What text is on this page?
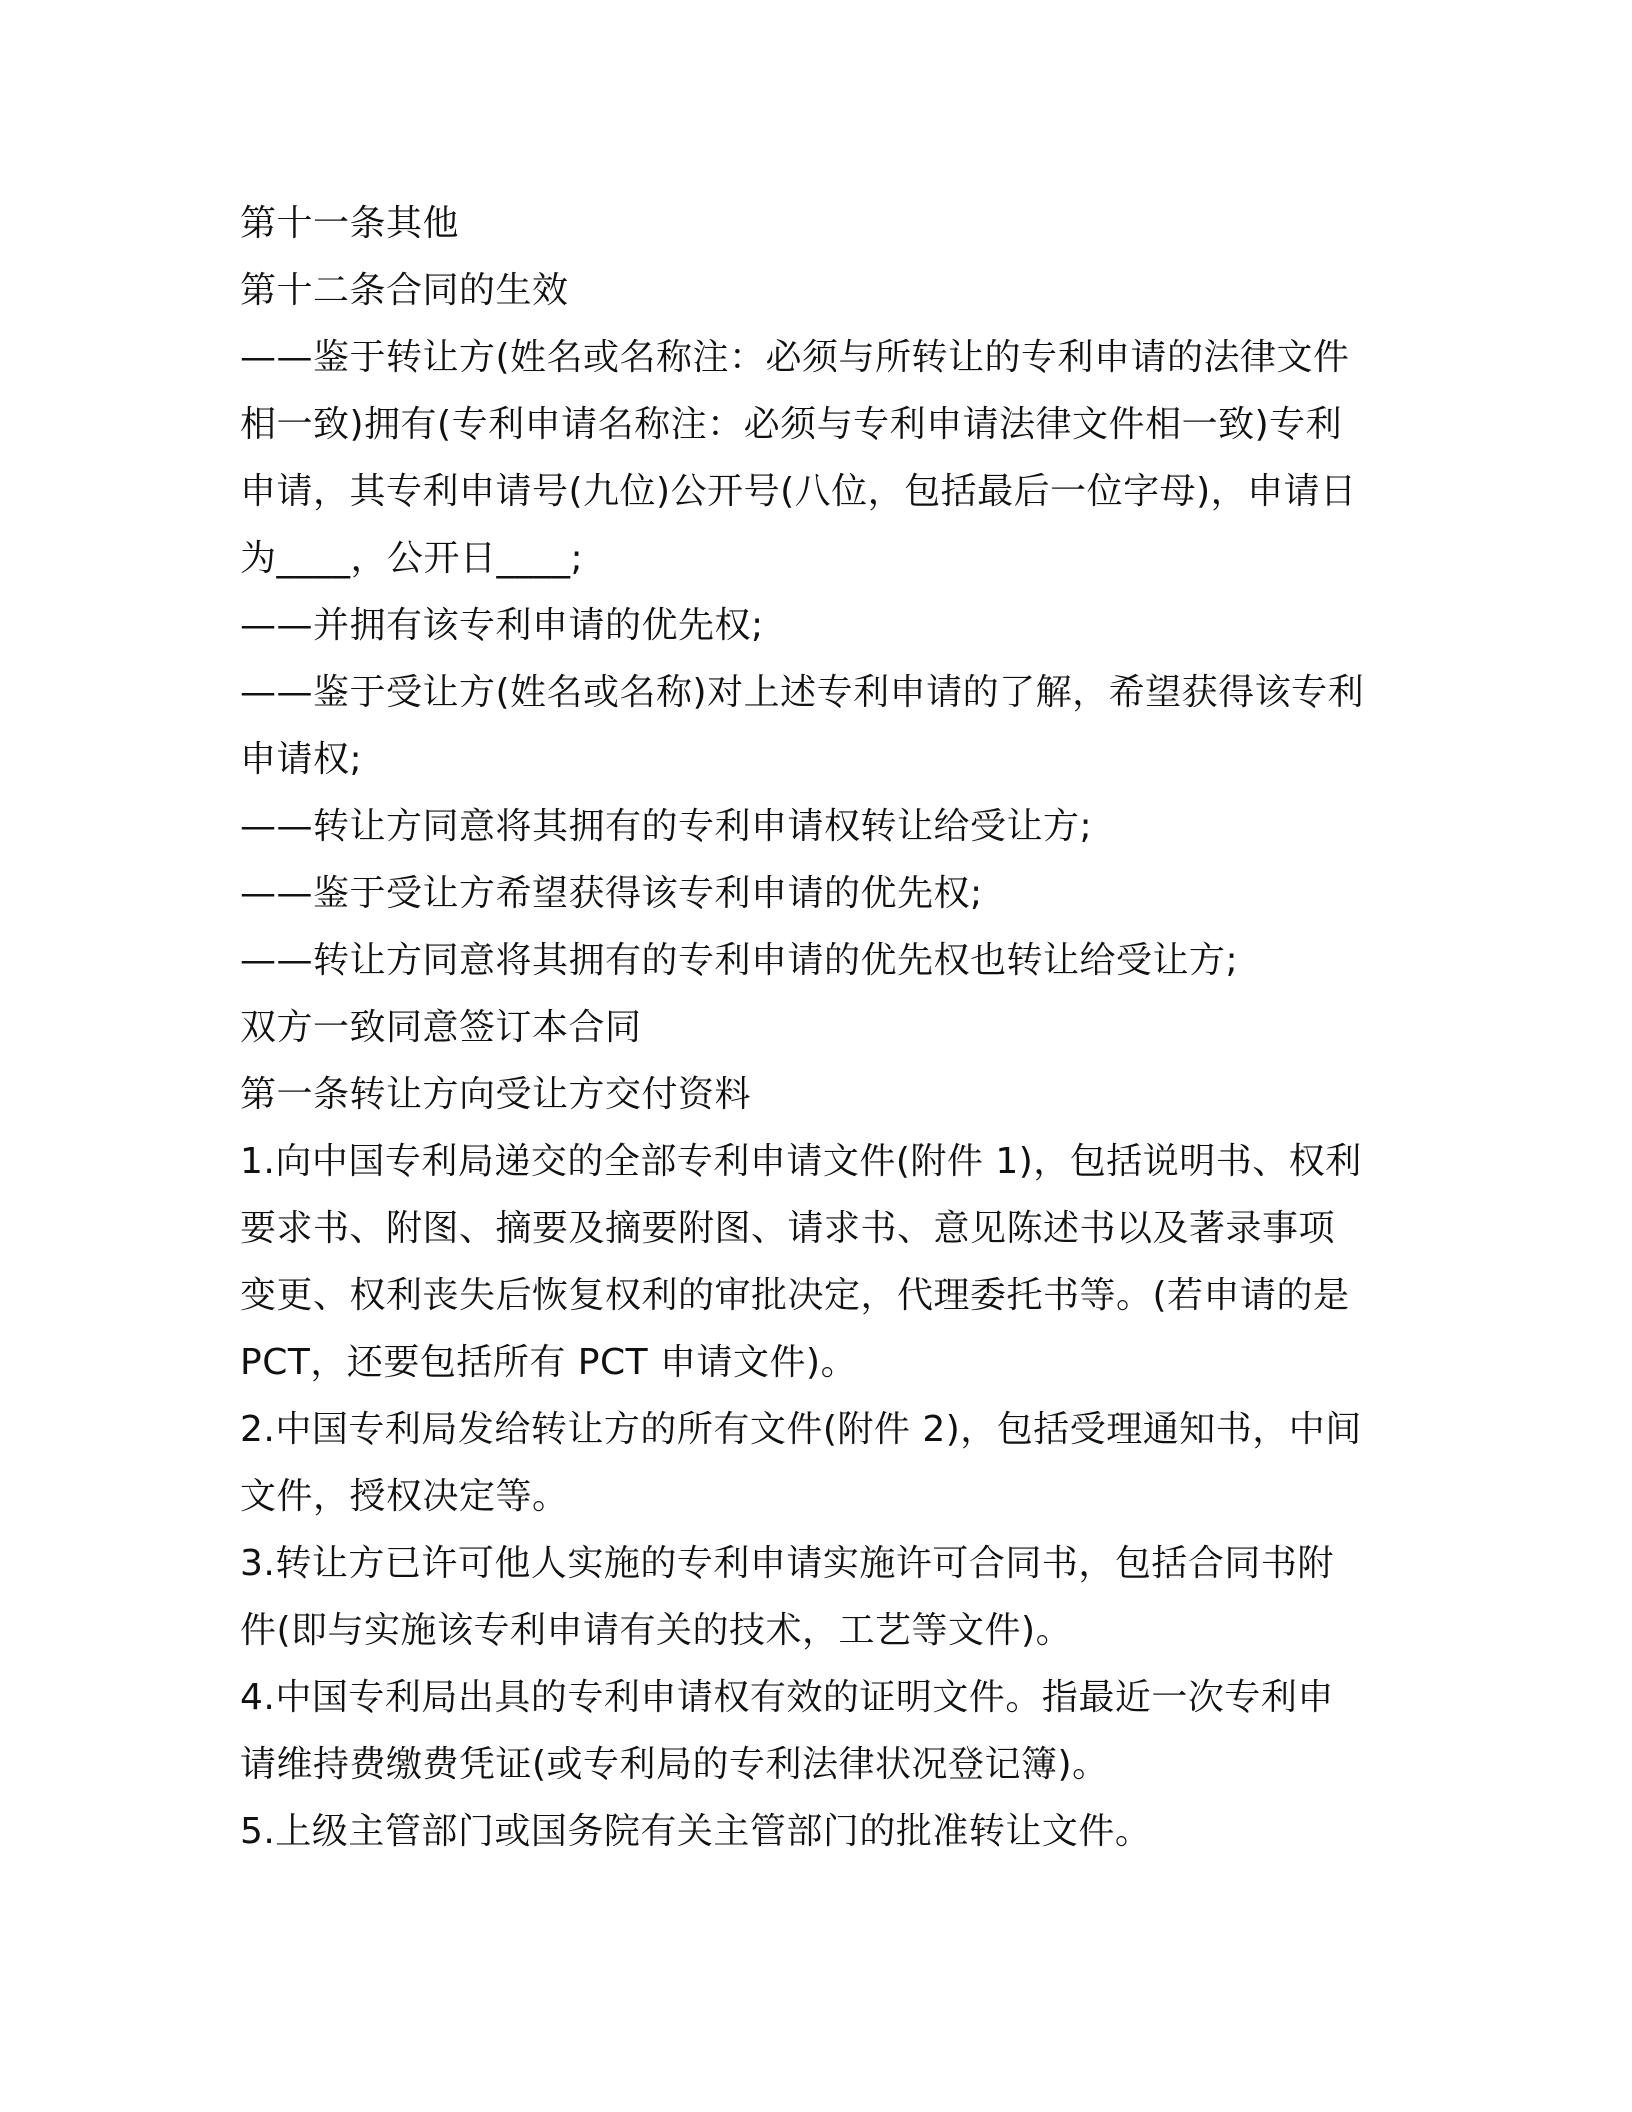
第十一条其他
第十二条合同的生效
——鉴于转让方(姓名或名称注：必须与所转让的专利申请的法律文件
相一致)拥有(专利申请名称注：必须与专利申请法律文件相一致)专利
申请，其专利申请号(九位)公开号(八位，包括最后一位字母)，申请日
为____，公开日____;
——并拥有该专利申请的优先权;
——鉴于受让方(姓名或名称)对上述专利申请的了解，希望获得该专利
申请权;
——转让方同意将其拥有的专利申请权转让给受让方;
——鉴于受让方希望获得该专利申请的优先权;
——转让方同意将其拥有的专利申请的优先权也转让给受让方;
双方一致同意签订本合同
第一条转让方向受让方交付资料
1.向中国专利局递交的全部专利申请文件(附件 1)，包括说明书、权利
要求书、附图、摘要及摘要附图、请求书、意见陈述书以及著录事项
变更、权利丧失后恢复权利的审批决定，代理委托书等。(若申请的是
PCT，还要包括所有 PCT 申请文件)。
2.中国专利局发给转让方的所有文件(附件 2)，包括受理通知书，中间
文件，授权决定等。
3.转让方已许可他人实施的专利申请实施许可合同书，包括合同书附
件(即与实施该专利申请有关的技术，工艺等文件)。
4.中国专利局出具的专利申请权有效的证明文件。指最近一次专利申
请维持费缴费凭证(或专利局的专利法律状况登记簿)。
5.上级主管部门或国务院有关主管部门的批准转让文件。
